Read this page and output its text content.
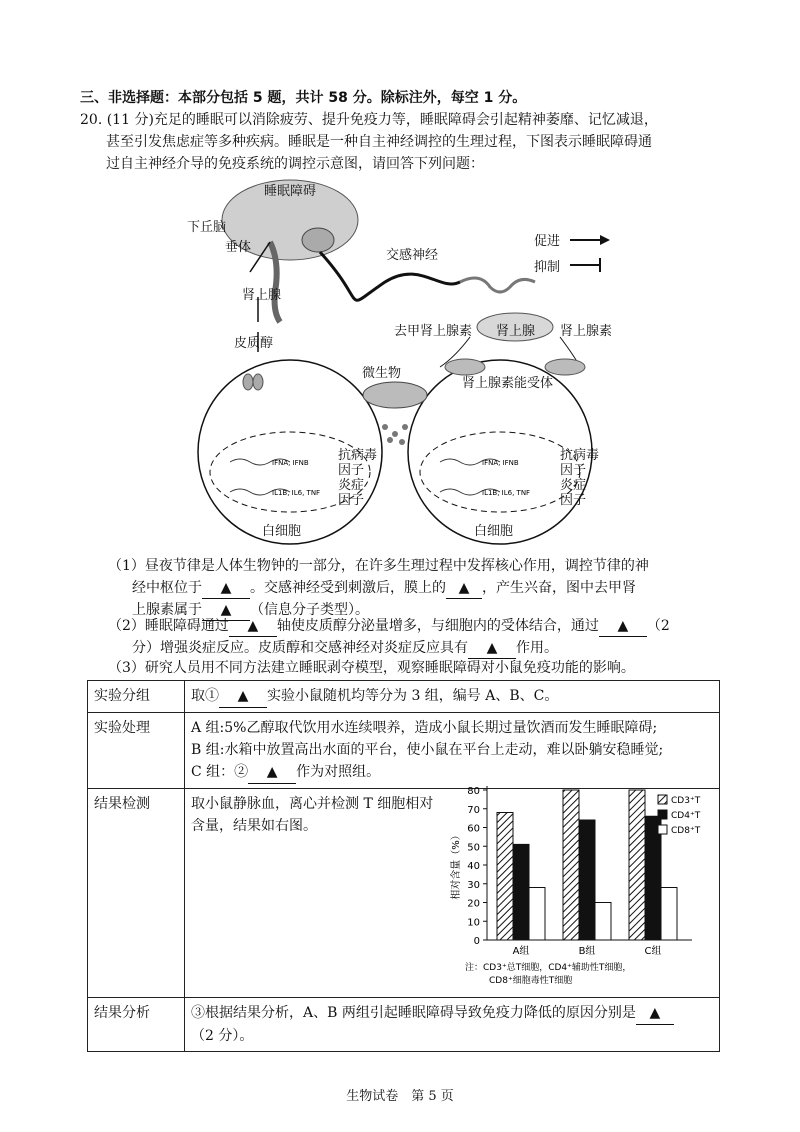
三、非选择题：本部分包括 5 题，共计 58 分。除标注外，每空 1 分。
20. (11 分)充足的睡眠可以消除疲劳、提升免疫力等，睡眠障碍会引起精神萎靡、记忆减退，
甚至引发焦虑症等多种疾病。睡眠是一种自主神经调控的生理过程，下图表示睡眠障碍通
过自主神经介导的免疫系统的调控示意图，请回答下列问题：
IFNA, IFNB
IL1B, IL6, TNF
IFNA, IFNB
IL1B, IL6, TNF
睡眠障碍
下丘脑
垂体
交感神经
促进
抑制
肾上腺
皮质醇
去甲肾上腺素 肾上腺 肾上腺素
微生物
肾上腺素能受体
抗病毒
因子
炎症
因子
抗病毒
因子
炎症
因子
白细胞	白细胞
（1）昼夜节律是人体生物钟的一部分，在许多生理过程中发挥核心作用，调控节律的神
经中枢位于 ▲ 。交感神经受到刺激后，膜上的 ▲ ，产生兴奋，图中去甲肾
上腺素属于 ▲ （信息分子类型）。
（2）睡眠障碍通过 ▲ 轴使皮质醇分泌量增多，与细胞内的受体结合，通过 ▲ （2
分）增强炎症反应。皮质醇和交感神经对炎症反应具有 ▲ 作用。
（3）研究人员用不同方法建立睡眠剥夺模型，观察睡眠障碍对小鼠免疫功能的影响。
实验分组	取① ▲ 实验小鼠随机均等分为 3 组，编号 A、B、C。
实验处理	A 组:5%乙醇取代饮用水连续喂养，造成小鼠长期过量饮酒而发生睡眠障碍;
B 组:水箱中放置高出水面的平台，使小鼠在平台上走动，难以卧躺安稳睡觉;
C 组：② ▲ 作为对照组。

结果检测	取小鼠静脉血，离心并检测 T 细胞相对
含量，结果如右图。

结果分析	③根据结果分析，A、B 两组引起睡眠障碍导致免疫力降低的原因分别是 ▲
（2 分）。
0
10
20
30
40
50
60
70
80
相对含量（%）
A组	B组	C组
CD3⁺T
CD4⁺T
CD8⁺T
注：CD3⁺总T细胞，CD4⁺辅助性T细胞，
CD8⁺细胞毒性T细胞
生物试卷　第 5 页
